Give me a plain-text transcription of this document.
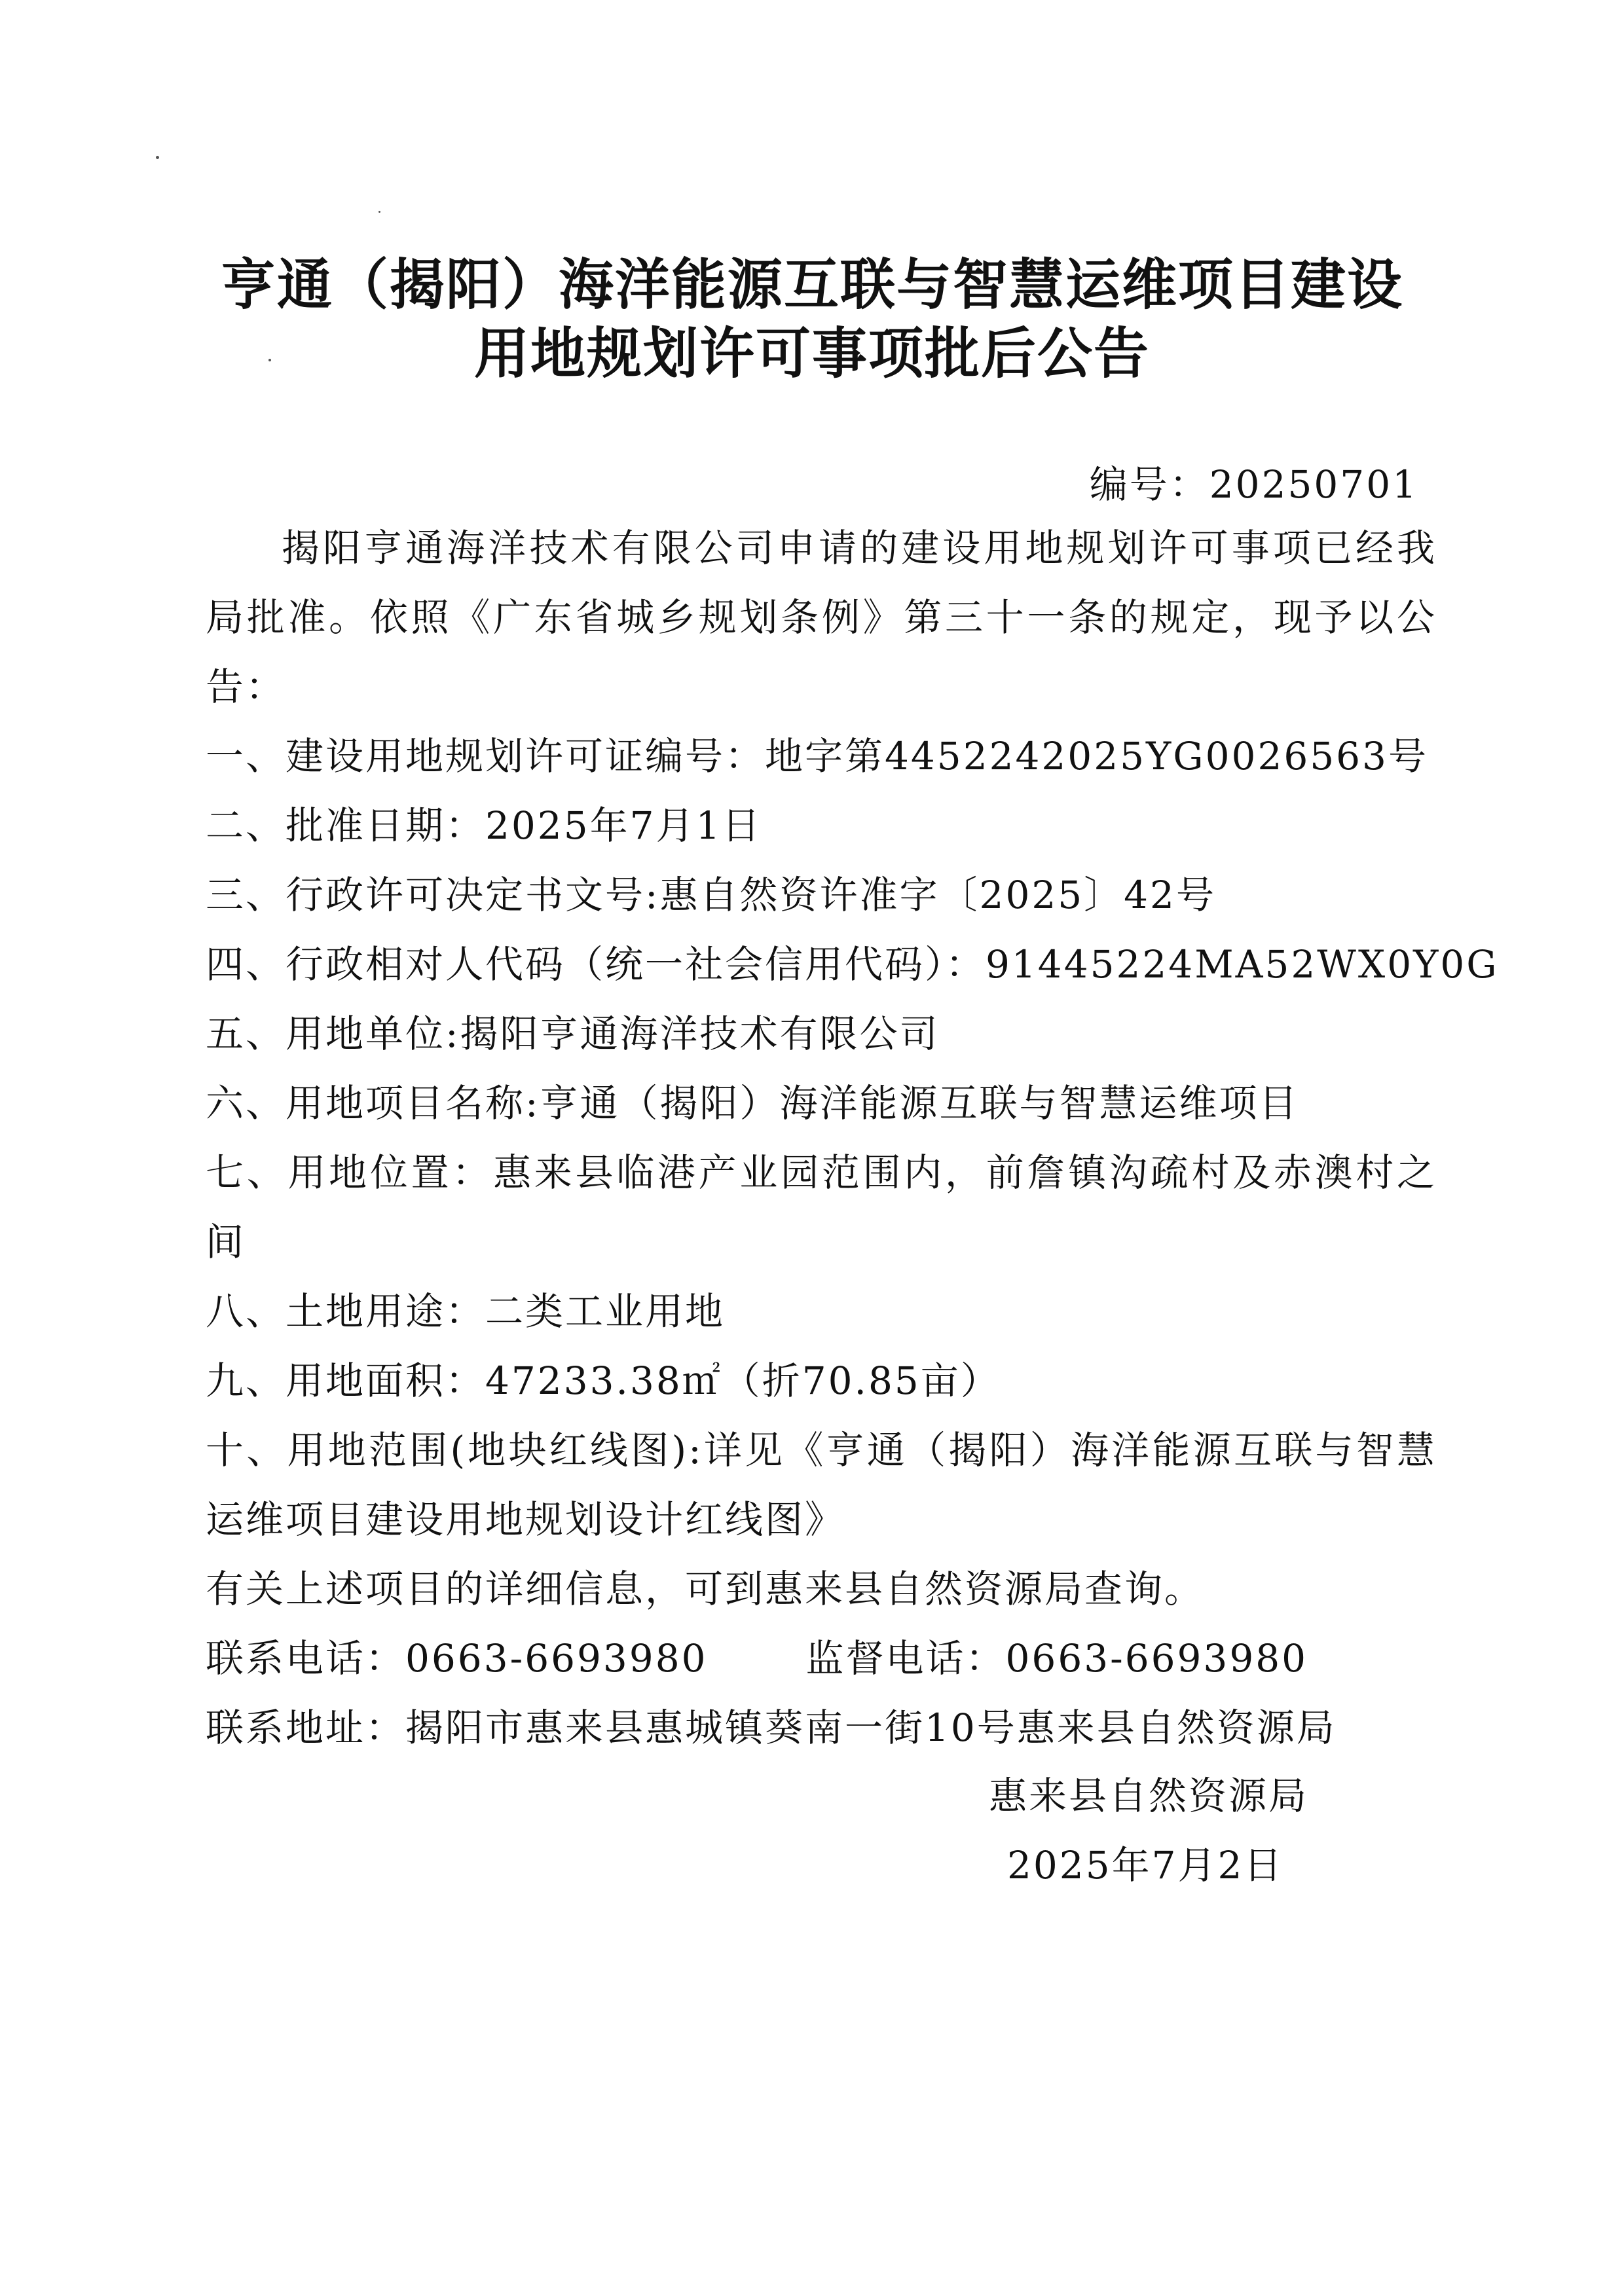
亨通（揭阳）海洋能源互联与智慧运维项目建设
用地规划许可事项批后公告
编号：20250701

揭阳亨通海洋技术有限公司申请的建设用地规划许可事项已经我局批准。依照《广东省城乡规划条例》第三十一条的规定，现予以公告：

一、建设用地规划许可证编号：地字第4452242025YG0026563号

二、批准日期：2025年7月1日

三、行政许可决定书文号:惠自然资许准字〔2025〕42号

四、行政相对人代码（统一社会信用代码）：91445224MA52WX0Y0G

五、用地单位:揭阳亨通海洋技术有限公司

六、用地项目名称:亨通（揭阳）海洋能源互联与智慧运维项目

七、用地位置：惠来县临港产业园范围内，前詹镇沟疏村及赤澳村之间

八、土地用途：二类工业用地

九、用地面积：47233.38㎡（折70.85亩）

十、用地范围(地块红线图):详见《亨通（揭阳）海洋能源互联与智慧运维项目建设用地规划设计红线图》

有关上述项目的详细信息，可到惠来县自然资源局查询。

联系电话：0663-6693980	监督电话：0663-6693980

联系地址：揭阳市惠来县惠城镇葵南一街10号惠来县自然资源局

惠来县自然资源局
2025年7月2日
